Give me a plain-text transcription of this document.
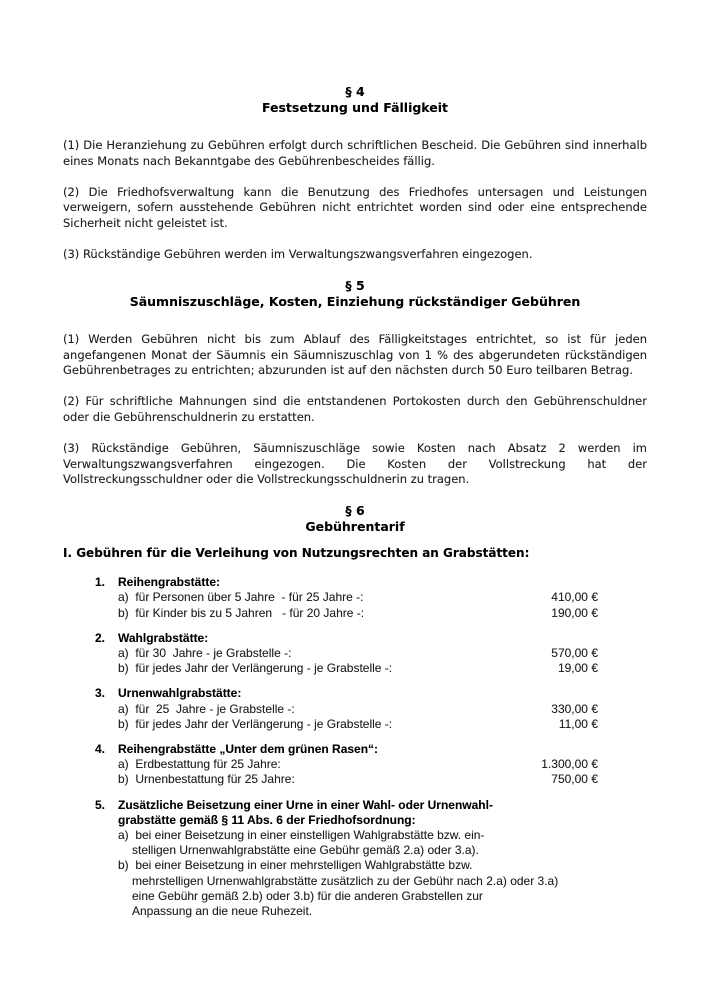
§ 4
Festsetzung und Fälligkeit

(1) Die Heranziehung zu Gebühren erfolgt durch schriftlichen Bescheid. Die Gebühren sind innerhalb eines Monats nach Bekanntgabe des Gebührenbescheides fällig.

(2) Die Friedhofsverwaltung kann die Benutzung des Friedhofes untersagen und Leistungen verweigern, sofern ausstehende Gebühren nicht entrichtet worden sind oder eine entsprechende Sicherheit nicht geleistet ist.

(3) Rückständige Gebühren werden im Verwaltungszwangsverfahren eingezogen.

§ 5
Säumniszuschläge, Kosten, Einziehung rückständiger Gebühren

(1) Werden Gebühren nicht bis zum Ablauf des Fälligkeitstages entrichtet, so ist für jeden angefangenen Monat der Säumnis ein Säumniszuschlag von 1 % des abgerundeten rückständigen Gebührenbetrages zu entrichten; abzurunden ist auf den nächsten durch 50 Euro teilbaren Betrag.

(2) Für schriftliche Mahnungen sind die entstandenen Portokosten durch den Gebührenschuldner oder die Gebührenschuldnerin zu erstatten.

(3) Rückständige Gebühren, Säumniszuschläge sowie Kosten nach Absatz 2 werden im Verwaltungszwangsverfahren eingezogen. Die Kosten der Vollstreckung hat der Vollstreckungsschuldner oder die Vollstreckungsschuldnerin zu tragen.

§ 6
Gebührentarif
I. Gebühren für die Verleihung von Nutzungsrechten an Grabstätten:
1.	Reihengrabstätte:
a)  für Personen über 5 Jahre  - für 25 Jahre -:	410,00 €
b)  für Kinder bis zu 5 Jahren   - für 20 Jahre -:	190,00 €
2.	Wahlgrabstätte:
a)  für 30  Jahre - je Grabstelle -:	570,00 €
b)  für jedes Jahr der Verlängerung - je Grabstelle -:	19,00 €
3.	Urnenwahlgrabstätte:
a)  für  25  Jahre - je Grabstelle -:	330,00 €
b)  für jedes Jahr der Verlängerung - je Grabstelle -:	11,00 €
4.	Reihengrabstätte „Unter dem grünen Rasen“:
a)  Erdbestattung für 25 Jahre:	1.300,00 €
b)  Urnenbestattung für 25 Jahre:	750,00 €
5.	Zusätzliche Beisetzung einer Urne in einer Wahl- oder Urnenwahl-
grabstätte gemäß § 11 Abs. 6 der Friedhofsordnung:
a)  bei einer Beisetzung in einer einstelligen Wahlgrabstätte bzw. ein-
stelligen Urnenwahlgrabstätte eine Gebühr gemäß 2.a) oder 3.a).
b)  bei einer Beisetzung in einer mehrstelligen Wahlgrabstätte bzw.
mehrstelligen Urnenwahlgrabstätte zusätzlich zu der Gebühr nach 2.a) oder 3.a)
eine Gebühr gemäß 2.b) oder 3.b) für die anderen Grabstellen zur
Anpassung an die neue Ruhezeit.
